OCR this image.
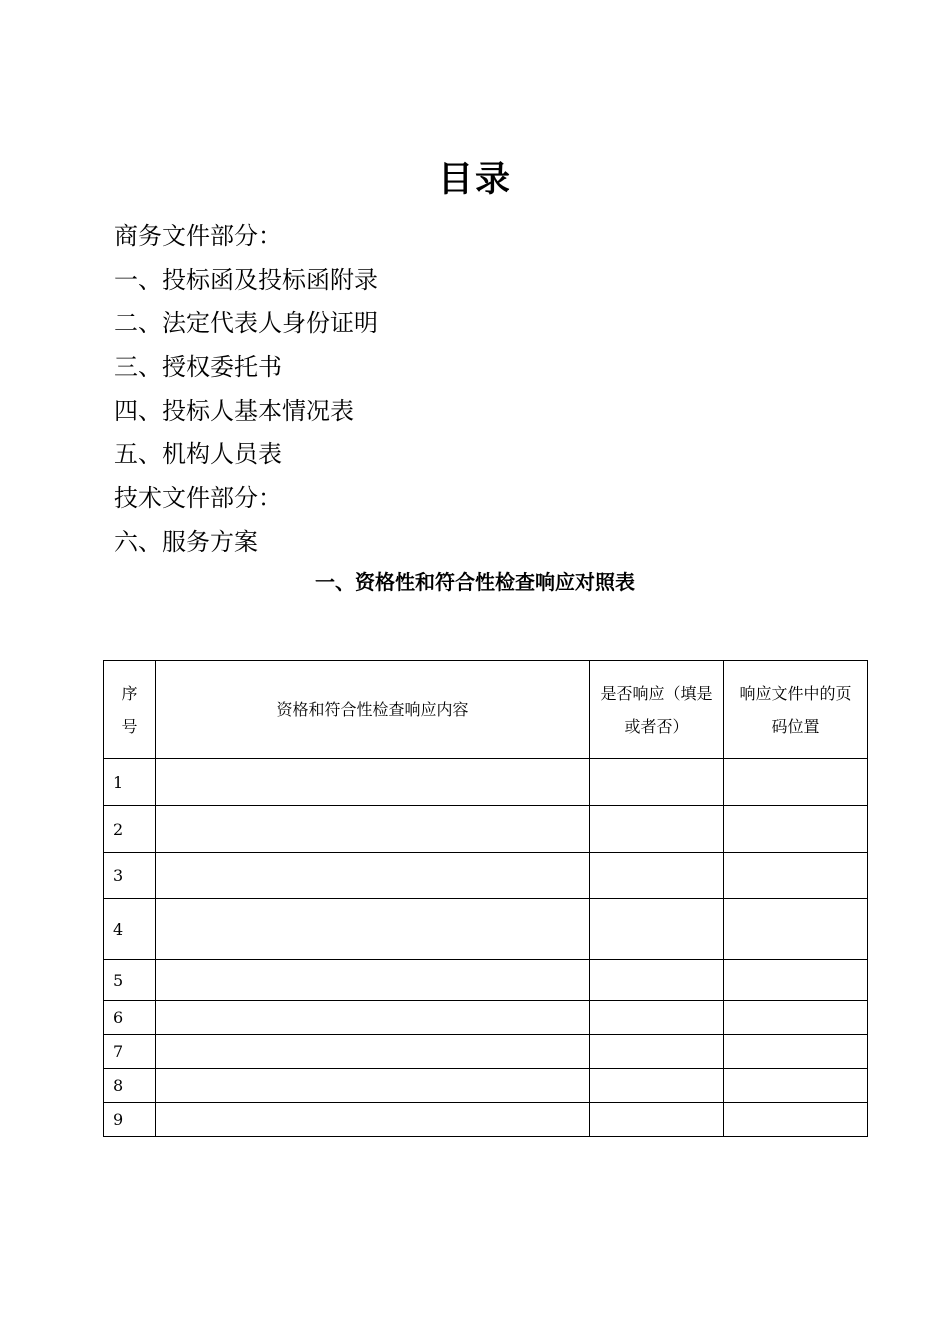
目录
商务文件部分：
一、投标函及投标函附录
二、法定代表人身份证明
三、授权委托书
四、投标人基本情况表
五、机构人员表
技术文件部分：
六、服务方案
一、资格性和符合性检查响应对照表
序号	资格和符合性检查响应内容	是否响应（填是或者否）	响应文件中的页码位置
1			
2			
3			
4			
5			
6			
7			
8			
9			
